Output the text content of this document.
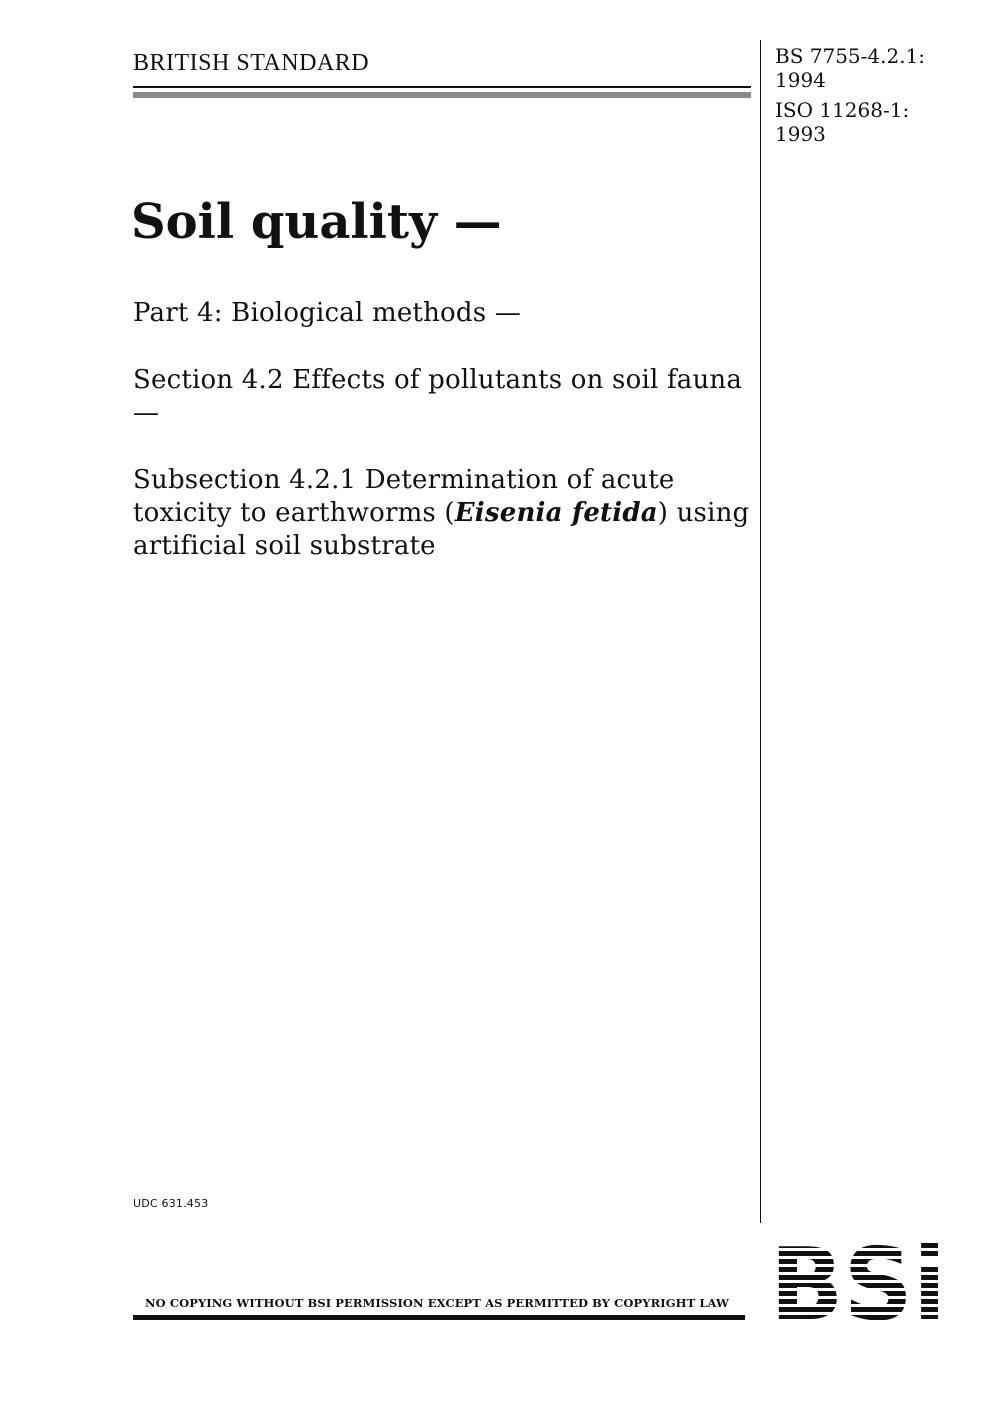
BRITISH STANDARD	BS 7755-4.2.1:
1994
ISO 11268-1:
1993
Soil quality —
Part 4: Biological methods —
Section 4.2 Effects of pollutants on soil fauna —
Subsection 4.2.1 Determination of acute toxicity to earthworms (Eisenia fetida) using artificial soil substrate
UDC 631.453
NO COPYING WITHOUT BSI PERMISSION EXCEPT AS PERMITTED BY COPYRIGHT LAW
